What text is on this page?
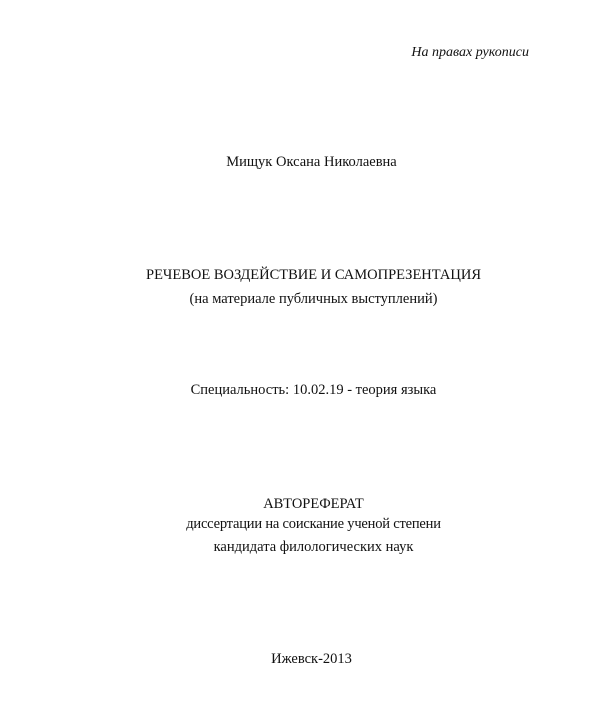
На правах рукописи
Мищук Оксана Николаевна
РЕЧЕВОЕ ВОЗДЕЙСТВИЕ И САМОПРЕЗЕНТАЦИЯ
(на материале публичных выступлений)
Специальность: 10.02.19 - теория языка
АВТОРЕФЕРАТ
диссертации на соискание ученой степени
кандидата филологических наук
Ижевск-2013
